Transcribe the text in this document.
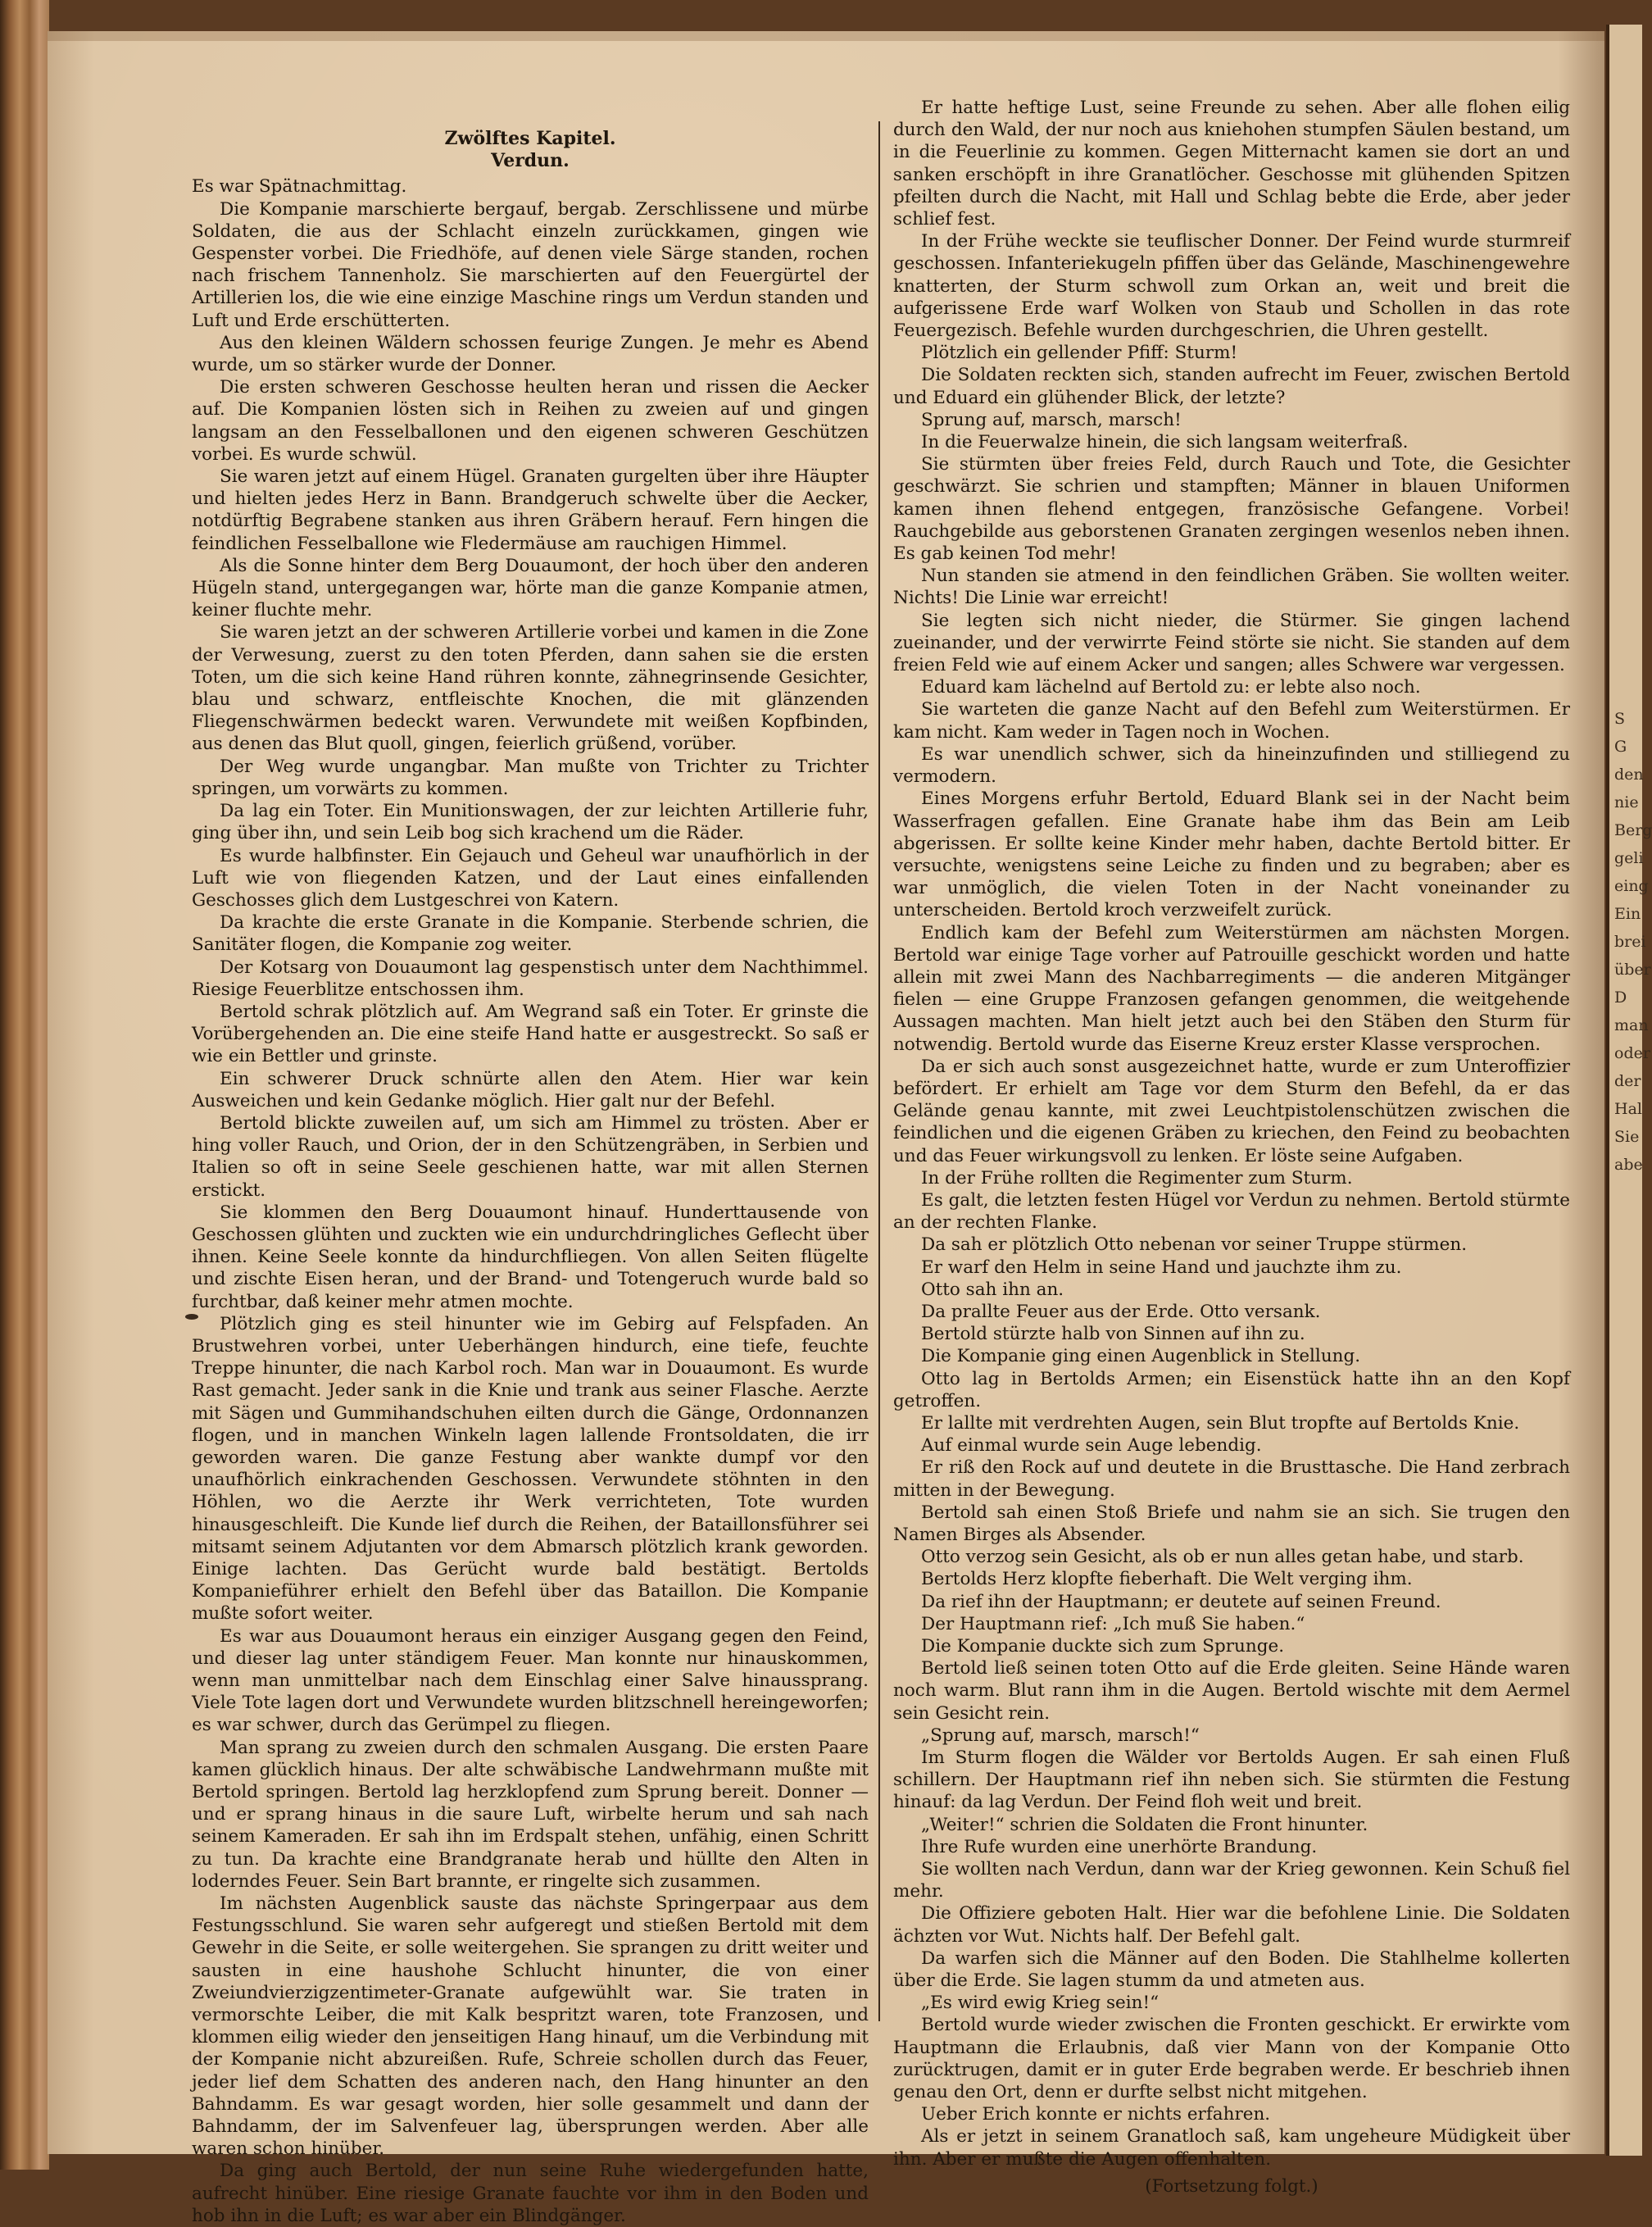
S
G
den
nie
Berg
geli
eing
Ein
brei
über
D
man
oder
der
Hal
Sie
abe
Zwölftes Kapitel.
Verdun.

Es war Spätnachmittag.

Die Kompanie marschierte bergauf, bergab. Zerschlissene und mürbe Soldaten, die aus der Schlacht einzeln zurückkamen, gingen wie Gespenster vorbei. Die Friedhöfe, auf denen viele Särge standen, rochen nach frischem Tannenholz. Sie marschierten auf den Feuergürtel der Artillerien los, die wie eine einzige Maschine rings um Verdun standen und Luft und Erde erschütterten.

Aus den kleinen Wäldern schossen feurige Zungen. Je mehr es Abend wurde, um so stärker wurde der Donner.

Die ersten schweren Geschosse heulten heran und rissen die Aecker auf. Die Kompanien lösten sich in Reihen zu zweien auf und gingen langsam an den Fesselballonen und den eigenen schweren Geschützen vorbei. Es wurde schwül.

Sie waren jetzt auf einem Hügel. Granaten gurgelten über ihre Häupter und hielten jedes Herz in Bann. Brandgeruch schwelte über die Aecker, notdürftig Begrabene stanken aus ihren Gräbern herauf. Fern hingen die feindlichen Fesselballone wie Fledermäuse am rauchigen Himmel.

Als die Sonne hinter dem Berg Douaumont, der hoch über den anderen Hügeln stand, untergegangen war, hörte man die ganze Kompanie atmen, keiner fluchte mehr.

Sie waren jetzt an der schweren Artillerie vorbei und kamen in die Zone der Verwesung, zuerst zu den toten Pferden, dann sahen sie die ersten Toten, um die sich keine Hand rühren konnte, zähnegrinsende Gesichter, blau und schwarz, entfleischte Knochen, die mit glänzenden Fliegenschwärmen bedeckt waren. Verwundete mit weißen Kopfbinden, aus denen das Blut quoll, gingen, feierlich grüßend, vorüber.

Der Weg wurde ungangbar. Man mußte von Trichter zu Trichter springen, um vorwärts zu kommen.

Da lag ein Toter. Ein Munitionswagen, der zur leichten Artillerie fuhr, ging über ihn, und sein Leib bog sich krachend um die Räder.

Es wurde halbfinster. Ein Gejauch und Geheul war unaufhörlich in der Luft wie von fliegenden Katzen, und der Laut eines einfallenden Geschosses glich dem Lustgeschrei von Katern.

Da krachte die erste Granate in die Kompanie. Sterbende schrien, die Sanitäter flogen, die Kompanie zog weiter.

Der Kotsarg von Douaumont lag gespenstisch unter dem Nachthimmel. Riesige Feuerblitze entschossen ihm.

Bertold schrak plötzlich auf. Am Wegrand saß ein Toter. Er grinste die Vorübergehenden an. Die eine steife Hand hatte er ausgestreckt. So saß er wie ein Bettler und grinste.

Ein schwerer Druck schnürte allen den Atem. Hier war kein Ausweichen und kein Gedanke möglich. Hier galt nur der Befehl.

Bertold blickte zuweilen auf, um sich am Himmel zu trösten. Aber er hing voller Rauch, und Orion, der in den Schützengräben, in Serbien und Italien so oft in seine Seele geschienen hatte, war mit allen Sternen erstickt.

Sie klommen den Berg Douaumont hinauf. Hunderttausende von Geschossen glühten und zuckten wie ein undurchdringliches Geflecht über ihnen. Keine Seele konnte da hindurchfliegen. Von allen Seiten flügelte und zischte Eisen heran, und der Brand- und Totengeruch wurde bald so furchtbar, daß keiner mehr atmen mochte.

Plötzlich ging es steil hinunter wie im Gebirg auf Felspfaden. An Brustwehren vorbei, unter Ueberhängen hindurch, eine tiefe, feuchte Treppe hinunter, die nach Karbol roch. Man war in Douaumont. Es wurde Rast gemacht. Jeder sank in die Knie und trank aus seiner Flasche. Aerzte mit Sägen und Gummihandschuhen eilten durch die Gänge, Ordonnanzen flogen, und in manchen Winkeln lagen lallende Frontsoldaten, die irr geworden waren. Die ganze Festung aber wankte dumpf vor den unaufhörlich einkrachenden Geschossen. Verwundete stöhnten in den Höhlen, wo die Aerzte ihr Werk verrichteten, Tote wurden hinausgeschleift. Die Kunde lief durch die Reihen, der Bataillonsführer sei mitsamt seinem Adjutanten vor dem Abmarsch plötzlich krank geworden. Einige lachten. Das Gerücht wurde bald bestätigt. Bertolds Kompanieführer erhielt den Befehl über das Bataillon. Die Kompanie mußte sofort weiter.

Es war aus Douaumont heraus ein einziger Ausgang gegen den Feind, und dieser lag unter ständigem Feuer. Man konnte nur hinauskommen, wenn man unmittelbar nach dem Einschlag einer Salve hinaussprang. Viele Tote lagen dort und Verwundete wurden blitzschnell hereingeworfen; es war schwer, durch das Gerümpel zu fliegen.

Man sprang zu zweien durch den schmalen Ausgang. Die ersten Paare kamen glücklich hinaus. Der alte schwäbische Landwehrmann mußte mit Bertold springen. Bertold lag herzklopfend zum Sprung bereit. Donner — und er sprang hinaus in die saure Luft, wirbelte herum und sah nach seinem Kameraden. Er sah ihn im Erdspalt stehen, unfähig, einen Schritt zu tun. Da krachte eine Brandgranate herab und hüllte den Alten in loderndes Feuer. Sein Bart brannte, er ringelte sich zusammen.

Im nächsten Augenblick sauste das nächste Springerpaar aus dem Festungsschlund. Sie waren sehr aufgeregt und stießen Bertold mit dem Gewehr in die Seite, er solle weitergehen. Sie sprangen zu dritt weiter und sausten in eine haushohe Schlucht hinunter, die von einer Zweiundvierzigzentimeter-Granate aufgewühlt war. Sie traten in vermorschte Leiber, die mit Kalk bespritzt waren, tote Franzosen, und klommen eilig wieder den jenseitigen Hang hinauf, um die Verbindung mit der Kompanie nicht abzureißen. Rufe, Schreie schollen durch das Feuer, jeder lief dem Schatten des anderen nach, den Hang hinunter an den Bahndamm. Es war gesagt worden, hier solle gesammelt und dann der Bahndamm, der im Salvenfeuer lag, übersprungen werden. Aber alle waren schon hinüber.

Da ging auch Bertold, der nun seine Ruhe wiedergefunden hatte, aufrecht hinüber. Eine riesige Granate fauchte vor ihm in den Boden und hob ihn in die Luft; es war aber ein Blindgänger.

Er hatte heftige Lust, seine Freunde zu sehen. Aber alle flohen eilig durch den Wald, der nur noch aus kniehohen stumpfen Säulen bestand, um in die Feuerlinie zu kommen. Gegen Mitternacht kamen sie dort an und sanken erschöpft in ihre Granatlöcher. Geschosse mit glühenden Spitzen pfeilten durch die Nacht, mit Hall und Schlag bebte die Erde, aber jeder schlief fest.

In der Frühe weckte sie teuflischer Donner. Der Feind wurde sturmreif geschossen. Infanteriekugeln pfiffen über das Gelände, Maschinengewehre knatterten, der Sturm schwoll zum Orkan an, weit und breit die aufgerissene Erde warf Wolken von Staub und Schollen in das rote Feuergezisch. Befehle wurden durchgeschrien, die Uhren gestellt.

Plötzlich ein gellender Pfiff: Sturm!

Die Soldaten reckten sich, standen aufrecht im Feuer, zwischen Bertold und Eduard ein glühender Blick, der letzte?

Sprung auf, marsch, marsch!

In die Feuerwalze hinein, die sich langsam weiterfraß.

Sie stürmten über freies Feld, durch Rauch und Tote, die Gesichter geschwärzt. Sie schrien und stampften; Männer in blauen Uniformen kamen ihnen flehend entgegen, französische Gefangene. Vorbei! Rauchgebilde aus geborstenen Granaten zergingen wesenlos neben ihnen. Es gab keinen Tod mehr!

Nun standen sie atmend in den feindlichen Gräben. Sie wollten weiter. Nichts! Die Linie war erreicht!

Sie legten sich nicht nieder, die Stürmer. Sie gingen lachend zueinander, und der verwirrte Feind störte sie nicht. Sie standen auf dem freien Feld wie auf einem Acker und sangen; alles Schwere war vergessen.

Eduard kam lächelnd auf Bertold zu: er lebte also noch.

Sie warteten die ganze Nacht auf den Befehl zum Weiterstürmen. Er kam nicht. Kam weder in Tagen noch in Wochen.

Es war unendlich schwer, sich da hineinzufinden und stilliegend zu vermodern.

Eines Morgens erfuhr Bertold, Eduard Blank sei in der Nacht beim Wasserfragen gefallen. Eine Granate habe ihm das Bein am Leib abgerissen. Er sollte keine Kinder mehr haben, dachte Bertold bitter. Er versuchte, wenigstens seine Leiche zu finden und zu begraben; aber es war unmöglich, die vielen Toten in der Nacht voneinander zu unterscheiden. Bertold kroch verzweifelt zurück.

Endlich kam der Befehl zum Weiterstürmen am nächsten Morgen. Bertold war einige Tage vorher auf Patrouille geschickt worden und hatte allein mit zwei Mann des Nachbarregiments — die anderen Mitgänger fielen — eine Gruppe Franzosen gefangen genommen, die weitgehende Aussagen machten. Man hielt jetzt auch bei den Stäben den Sturm für notwendig. Bertold wurde das Eiserne Kreuz erster Klasse versprochen.

Da er sich auch sonst ausgezeichnet hatte, wurde er zum Unteroffizier befördert. Er erhielt am Tage vor dem Sturm den Befehl, da er das Gelände genau kannte, mit zwei Leuchtpistolenschützen zwischen die feindlichen und die eigenen Gräben zu kriechen, den Feind zu beobachten und das Feuer wirkungsvoll zu lenken. Er löste seine Aufgaben.

In der Frühe rollten die Regimenter zum Sturm.

Es galt, die letzten festen Hügel vor Verdun zu nehmen. Bertold stürmte an der rechten Flanke.

Da sah er plötzlich Otto nebenan vor seiner Truppe stürmen.

Er warf den Helm in seine Hand und jauchzte ihm zu.

Otto sah ihn an.

Da prallte Feuer aus der Erde. Otto versank.

Bertold stürzte halb von Sinnen auf ihn zu.

Die Kompanie ging einen Augenblick in Stellung.

Otto lag in Bertolds Armen; ein Eisenstück hatte ihn an den Kopf getroffen.

Er lallte mit verdrehten Augen, sein Blut tropfte auf Bertolds Knie.

Auf einmal wurde sein Auge lebendig.

Er riß den Rock auf und deutete in die Brusttasche. Die Hand zerbrach mitten in der Bewegung.

Bertold sah einen Stoß Briefe und nahm sie an sich. Sie trugen den Namen Birges als Absender.

Otto verzog sein Gesicht, als ob er nun alles getan habe, und starb.

Bertolds Herz klopfte fieberhaft. Die Welt verging ihm.

Da rief ihn der Hauptmann; er deutete auf seinen Freund.

Der Hauptmann rief: „Ich muß Sie haben.“

Die Kompanie duckte sich zum Sprunge.

Bertold ließ seinen toten Otto auf die Erde gleiten. Seine Hände waren noch warm. Blut rann ihm in die Augen. Bertold wischte mit dem Aermel sein Gesicht rein.

„Sprung auf, marsch, marsch!“

Im Sturm flogen die Wälder vor Bertolds Augen. Er sah einen Fluß schillern. Der Hauptmann rief ihn neben sich. Sie stürmten die Festung hinauf: da lag Verdun. Der Feind floh weit und breit.

„Weiter!“ schrien die Soldaten die Front hinunter.

Ihre Rufe wurden eine unerhörte Brandung.

Sie wollten nach Verdun, dann war der Krieg gewonnen. Kein Schuß fiel mehr.

Die Offiziere geboten Halt. Hier war die befohlene Linie. Die Soldaten ächzten vor Wut. Nichts half. Der Befehl galt.

Da warfen sich die Männer auf den Boden. Die Stahlhelme kollerten über die Erde. Sie lagen stumm da und atmeten aus.

„Es wird ewig Krieg sein!“

Bertold wurde wieder zwischen die Fronten geschickt. Er erwirkte vom Hauptmann die Erlaubnis, daß vier Mann von der Kompanie Otto zurücktrugen, damit er in guter Erde begraben werde. Er beschrieb ihnen genau den Ort, denn er durfte selbst nicht mitgehen.

Ueber Erich konnte er nichts erfahren.

Als er jetzt in seinem Granatloch saß, kam ungeheure Müdigkeit über ihn. Aber er mußte die Augen offenhalten.

(Fortsetzung folgt.)
